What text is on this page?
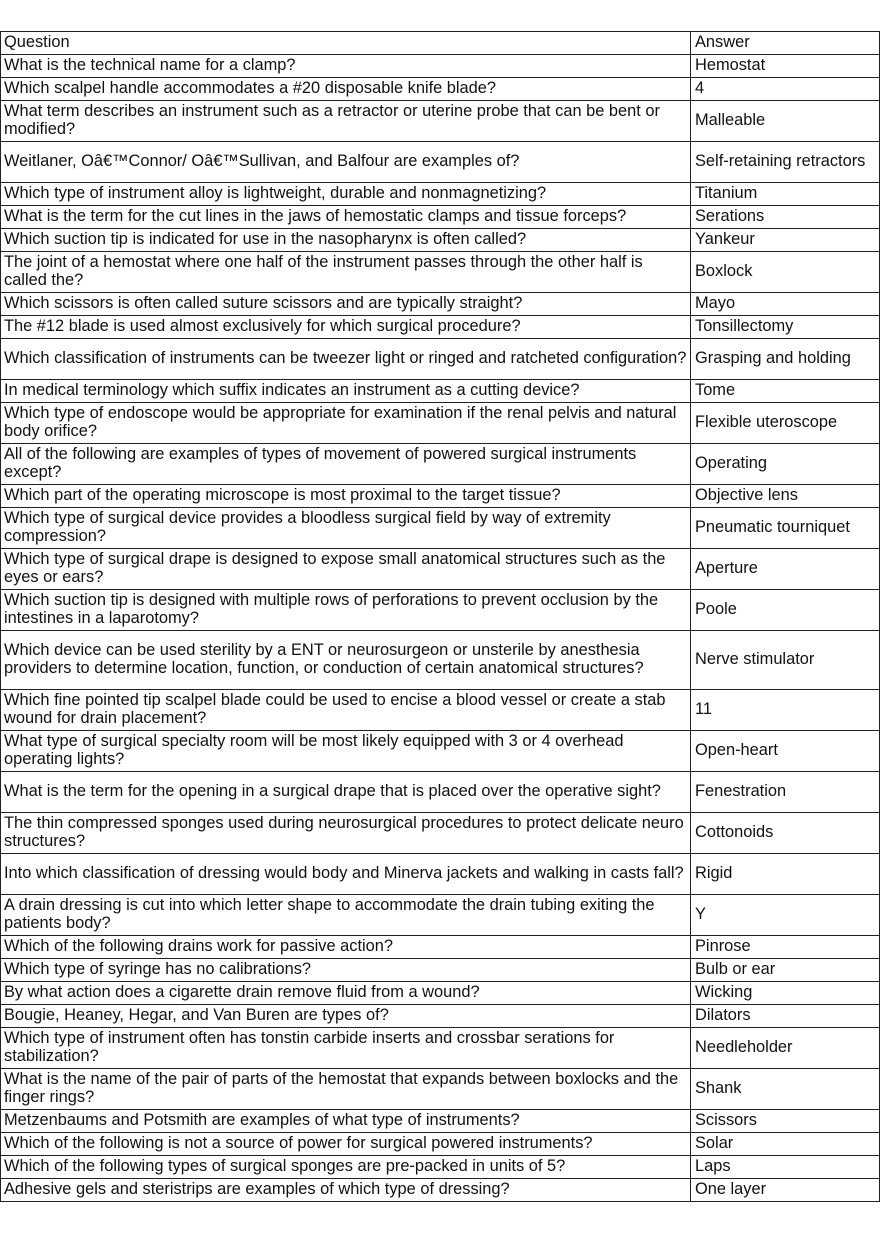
Question	Answer
What is the technical name for a clamp?	Hemostat
Which scalpel handle accommodates a #20 disposable knife blade?	4
What term describes an instrument such as a retractor or uterine probe that can be bent or modified?	Malleable
Weitlaner, Oâ€™Connor/ Oâ€™Sullivan, and Balfour are examples of?	Self-retaining retractors
Which type of instrument alloy is lightweight, durable and nonmagnetizing?	Titanium
What is the term for the cut lines in the jaws of hemostatic clamps and tissue forceps?	Serations
Which suction tip is indicated for use in the nasopharynx is often called?	Yankeur
The joint of a hemostat where one half of the instrument passes through the other half is called the?	Boxlock
Which scissors is often called suture scissors and are typically straight?	Mayo
The #12 blade is used almost exclusively for which surgical procedure?	Tonsillectomy
Which classification of instruments can be tweezer light or ringed and ratcheted configuration?	Grasping and holding
In medical terminology which suffix indicates an instrument as a cutting device?	Tome
Which type of endoscope would be appropriate for examination if the renal pelvis and natural body orifice?	Flexible uteroscope
All of the following are examples of types of movement of powered surgical instruments except?	Operating
Which part of the operating microscope is most proximal to the target tissue?	Objective lens
Which type of surgical device provides a bloodless surgical field by way of extremity compression?	Pneumatic tourniquet
Which type of surgical drape is designed to expose small anatomical structures such as the eyes or ears?	Aperture
Which suction tip is designed with multiple rows of perforations to prevent occlusion by the intestines in a laparotomy?	Poole
Which device can be used sterility by a ENT or neurosurgeon or unsterile by anesthesia providers to determine location, function, or conduction of certain anatomical structures?	Nerve stimulator
Which fine pointed tip scalpel blade could be used to encise a blood vessel or create a stab wound for drain placement?	11
What type of surgical specialty room will be most likely equipped with 3 or 4 overhead operating lights?	Open-heart
What is the term for the opening in a surgical drape that is placed over the operative sight?	Fenestration
The thin compressed sponges used during neurosurgical procedures to protect delicate neuro structures?	Cottonoids
Into which classification of dressing would body and Minerva jackets and walking in casts fall?	Rigid
A drain dressing is cut into which letter shape to accommodate the drain tubing exiting the patients body?	Y
Which of the following drains work for passive action?	Pinrose
Which type of syringe has no calibrations?	Bulb or ear
By what action does a cigarette drain remove fluid from a wound?	Wicking
Bougie, Heaney, Hegar, and Van Buren are types of?	Dilators
Which type of instrument often has tonstin carbide inserts and crossbar serations for stabilization?	Needleholder
What is the name of the pair of parts of the hemostat that expands between boxlocks and the finger rings?	Shank
Metzenbaums and Potsmith are examples of what type of instruments?	Scissors
Which of the following is not a source of power for surgical powered instruments?	Solar
Which of the following types of surgical sponges are pre-packed in units of 5?	Laps
Adhesive gels and steristrips are examples of which type of dressing?	One layer
